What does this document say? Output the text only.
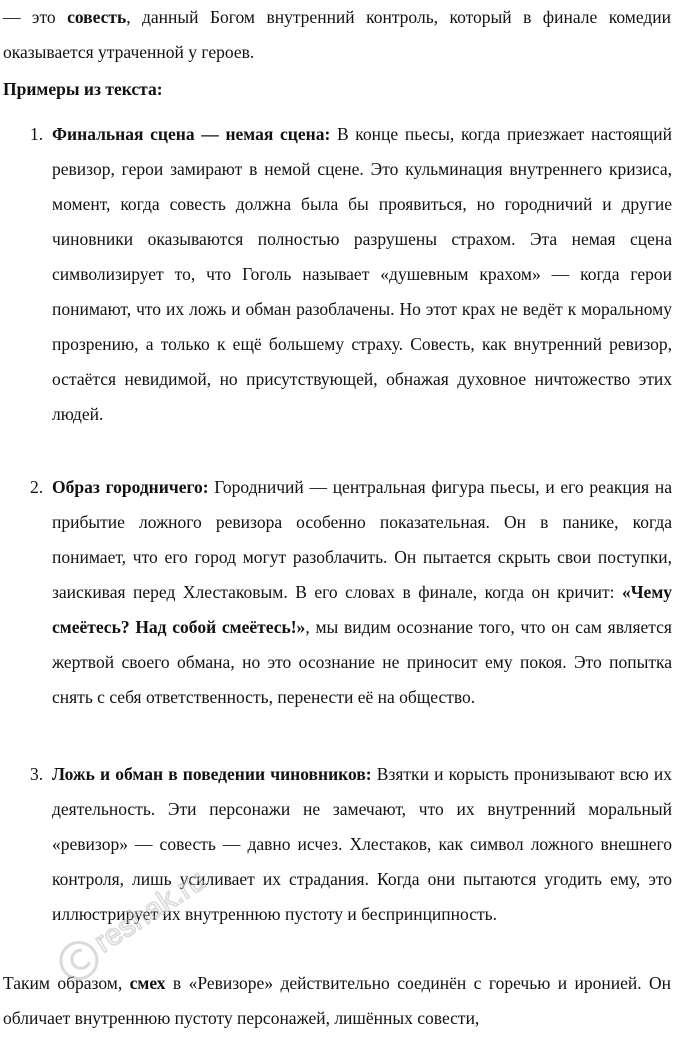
— это совесть, данный Богом внутренний контроль, который в финале комедии оказывается утраченной у героев.

Примеры из текста:

1. Финальная сцена — немая сцена: В конце пьесы, когда приезжает настоящий ревизор, герои замирают в немой сцене. Это кульминация внутреннего кризиса, момент, когда совесть должна была бы проявиться, но городничий и другие чиновники оказываются полностью разрушены страхом. Эта немая сцена символизирует то, что Гоголь называет «душевным крахом» — когда герои понимают, что их ложь и обман разоблачены. Но этот крах не ведёт к моральному прозрению, а только к ещё большему страху. Совесть, как внутренний ревизор, остаётся невидимой, но присутствующей, обнажая духовное ничтожество этих людей.
2. Образ городничего: Городничий — центральная фигура пьесы, и его реакция на прибытие ложного ревизора особенно показательная. Он в панике, когда понимает, что его город могут разоблачить. Он пытается скрыть свои поступки, заискивая перед Хлестаковым. В его словах в финале, когда он кричит: «Чему смеётесь? Над собой смеётесь!», мы видим осознание того, что он сам является жертвой своего обмана, но это осознание не приносит ему покоя. Это попытка снять с себя ответственность, перенести её на общество.
3. Ложь и обман в поведении чиновников: Взятки и корысть пронизывают всю их деятельность. Эти персонажи не замечают, что их внутренний моральный «ревизор» — совесть — давно исчез. Хлестаков, как символ ложного внешнего контроля, лишь усиливает их страдания. Когда они пытаются угодить ему, это иллюстрирует их внутреннюю пустоту и беспринципность.

Таким образом, смех в «Ревизоре» действительно соединён с горечью и иронией. Он обличает внутреннюю пустоту персонажей, лишённых совести,

reshak.ru
